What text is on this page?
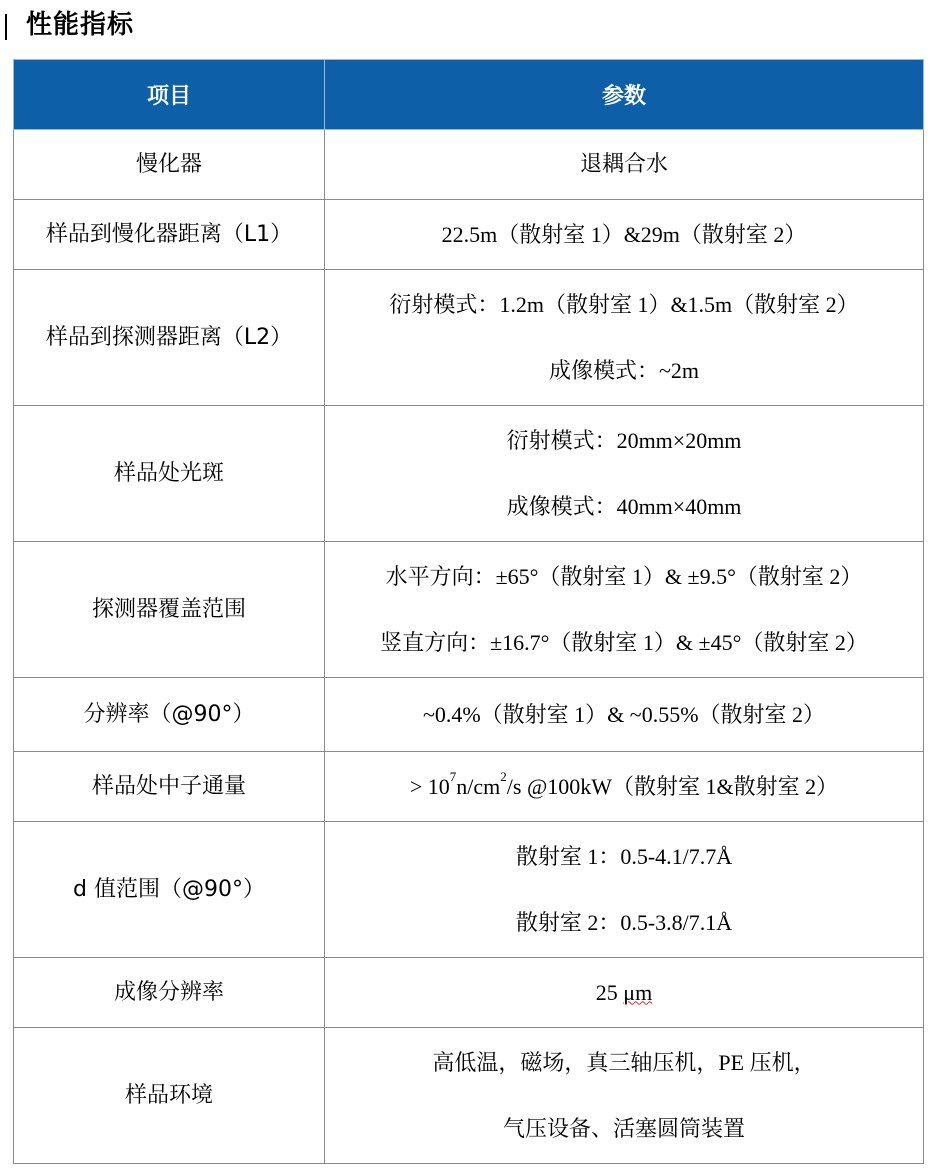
性能指标
项目	参数
慢化器	退耦合水
样品到慢化器距离（L1）	22.5m（散射室 1）&29m（散射室 2）
样品到探测器距离（L2）	衍射模式：1.2m（散射室 1）&1.5m（散射室 2）
成像模式：~2m

样品处光斑	衍射模式：20mm×20mm
成像模式：40mm×40mm

探测器覆盖范围	水平方向：±65°（散射室 1）& ±9.5°（散射室 2）
竖直方向：±16.7°（散射室 1）& ±45°（散射室 2）

分辨率（@90°）	~0.4%（散射室 1）& ~0.55%（散射室 2）
样品处中子通量	> $10^7n/cm^2/s$ @100kW（散射室 1&散射室 2）
d 值范围（@90°）	散射室 1：0.5-4.1/7.7Å
散射室 2：0.5-3.8/7.1Å

成像分辨率	25 μm
样品环境	高低温，磁场，真三轴压机，PE 压机，
气压设备、活塞圆筒装置
